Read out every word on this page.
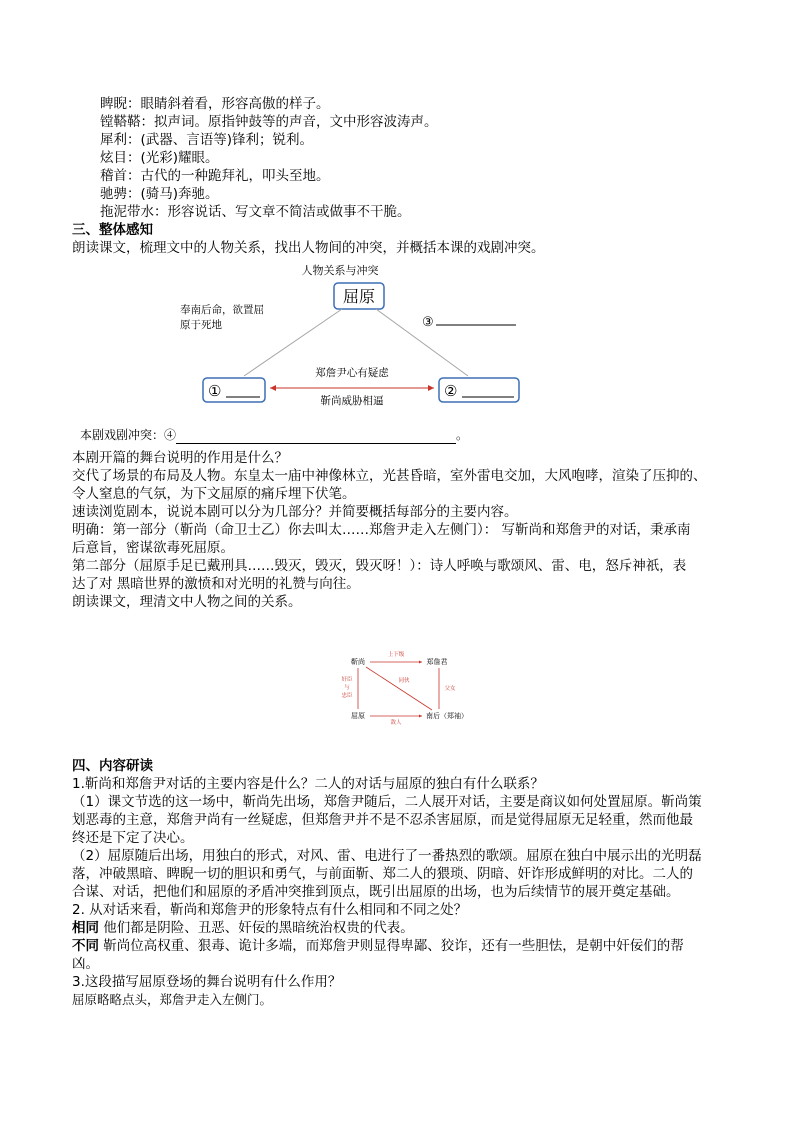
睥睨：眼睛斜着看，形容高傲的样子。
镗鞳鞳：拟声词。原指钟鼓等的声音，文中形容波涛声。
犀利：(武器、言语等)锋利；锐利。
炫目：(光彩)耀眼。
稽首：古代的一种跪拜礼，叩头至地。
驰骋：(骑马)奔驰。
拖泥带水：形容说话、写文章不简洁或做事不干脆。
三、整体感知
朗读课文，梳理文中的人物关系，找出人物间的冲突，并概括本课的戏剧冲突。
人物关系与冲突
屈原
奉南后命，欲置屈
原于死地	③
①	②
郑詹尹心有疑虑
靳尚威胁相逼
本剧戏剧冲突：④	。
本剧开篇的舞台说明的作用是什么？
交代了场景的布局及人物。东皇太一庙中神像林立，光甚昏暗，室外雷电交加，大风咆哮，渲染了压抑的、
令人窒息的气氛，为下文屈原的痛斥埋下伏笔。
速读浏览剧本，说说本剧可以分为几部分？并简要概括每部分的主要内容。
明确：第一部分（靳尚（命卫士乙）你去叫太……郑詹尹走入左侧门）： 写靳尚和郑詹尹的对话，秉承南
后意旨，密谋欲毒死屈原。
第二部分（屈原手足已戴刑具……毁灭，毁灭，毁灭呀！）：诗人呼唤与歌颂风、雷、电，怒斥神祇，表
达了对 黑暗世界的激愤和对光明的礼赞与向往。
朗读课文，理清文中人物之间的关系。
靳尚	郑詹君
屈原	南后（郑袖）
上下级
奸臣
与
忠臣
同伙
父女
敌人
四、内容研读
1.靳尚和郑詹尹对话的主要内容是什么？二人的对话与屈原的独白有什么联系？
（1）课文节选的这一场中，靳尚先出场，郑詹尹随后，二人展开对话，主要是商议如何处置屈原。靳尚策
划恶毒的主意，郑詹尹尚有一丝疑虑，但郑詹尹并不是不忍杀害屈原，而是觉得屈原无足轻重，然而他最
终还是下定了决心。
（2）屈原随后出场，用独白的形式，对风、雷、电进行了一番热烈的歌颂。屈原在独白中展示出的光明磊
落，冲破黑暗、睥睨一切的胆识和勇气，与前面靳、郑二人的猥琐、阴暗、奸诈形成鲜明的对比。二人的
合谋、对话，把他们和屈原的矛盾冲突推到顶点，既引出屈原的出场，也为后续情节的展开奠定基础。
2. 从对话来看，靳尚和郑詹尹的形象特点有什么相同和不同之处？
相同 他们都是阴险、丑恶、奸佞的黑暗统治权贵的代表。
不同 靳尚位高权重、狠毒、诡计多端，而郑詹尹则显得卑鄙、狡诈，还有一些胆怯，是朝中奸佞们的帮
凶。
3.这段描写屈原登场的舞台说明有什么作用？
屈原略略点头，郑詹尹走入左侧门。
